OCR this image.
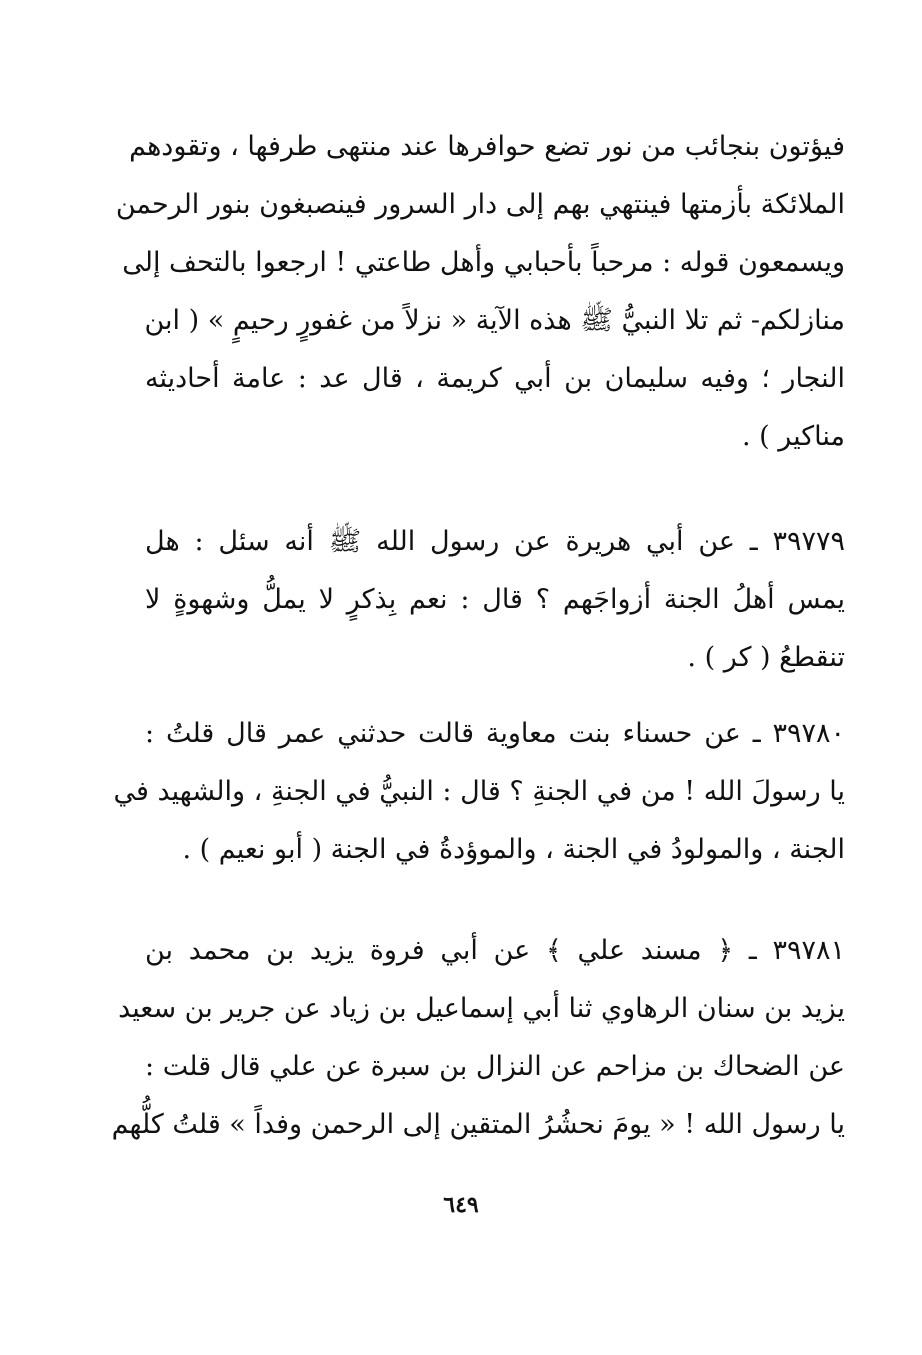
فيؤتون بنجائب من نور تضع حوافرها عند منتهى طرفها ، وتقودهم
الملائكة بأزمتها فينتهي بهم إلى دار السرور فينصبغون بنور الرحمن
ويسمعون قوله : مرحباً بأحبابي وأهل طاعتي ! ارجعوا بالتحف إلى
منازلكم- ثم تلا النبيُّ ﷺ هذه الآية « نزلاً من غفورٍ رحيمٍ » ( ابن
النجار ؛ وفيه سليمان بن أبي كريمة ، قال عد : عامة أحاديثه
مناكير ) .
٣٩٧٧٩ ـ عن أبي هريرة عن رسول الله ﷺ أنه سئل : هل
يمس أهلُ الجنة أزواجَهم ؟ قال : نعم بِذكرٍ لا يملُّ وشهوةٍ لا
تنقطعُ ( كر ) .
٣٩٧٨٠ ـ عن حسناء بنت معاوية قالت حدثني عمر قال قلتُ :
يا رسولَ الله ! من في الجنةِ ؟ قال : النبيُّ في الجنةِ ، والشهيد في
الجنة ، والمولودُ في الجنة ، والموؤدةُ في الجنة ( أبو نعيم ) .
٣٩٧٨١ ـ ﴿ مسند علي ﴾ عن أبي فروة يزيد بن محمد بن
يزيد بن سنان الرهاوي ثنا أبي إسماعيل بن زياد عن جرير بن سعيد
عن الضحاك بن مزاحم عن النزال بن سبرة عن علي قال قلت :
يا رسول الله ! « يومَ نحشُرُ المتقين إلى الرحمن وفداً » قلتُ كلُّهم
٦٤٩
